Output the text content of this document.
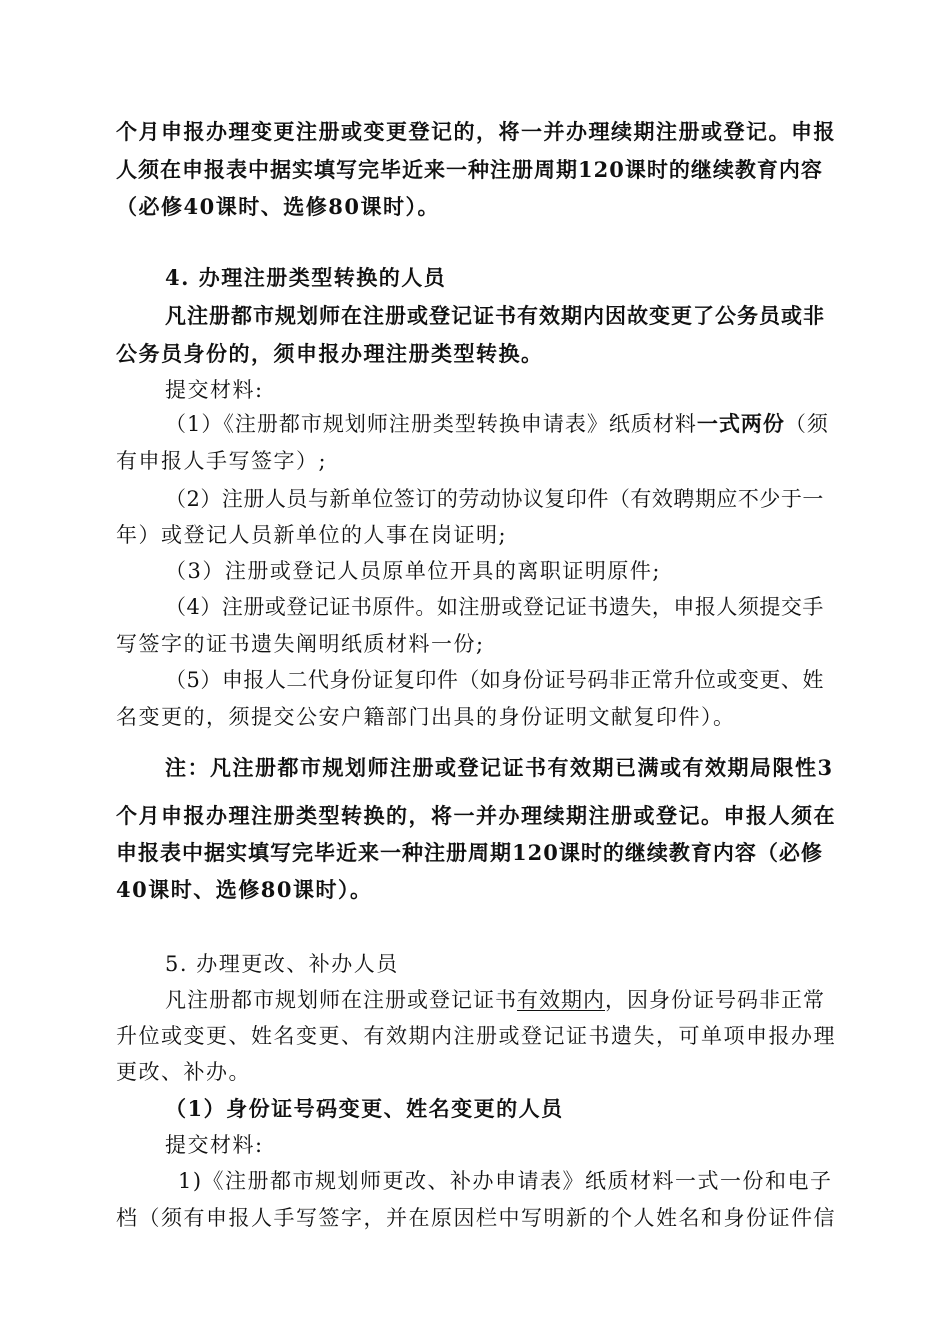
个月申报办理变更注册或变更登记的，将一并办理续期注册或登记。申报
人须在申报表中据实填写完毕近来一种注册周期120课时的继续教育内容
（必修40课时、选修80课时）。
4. 办理注册类型转换的人员
凡注册都市规划师在注册或登记证书有效期内因故变更了公务员或非
公务员身份的，须申报办理注册类型转换。
提交材料:
（1）《注册都市规划师注册类型转换申请表》纸质材料一式两份（须
有申报人手写签字）;
（2）注册人员与新单位签订的劳动协议复印件（有效聘期应不少于一
年）或登记人员新单位的人事在岗证明;
（3）注册或登记人员原单位开具的离职证明原件;
（4）注册或登记证书原件。如注册或登记证书遗失，申报人须提交手
写签字的证书遗失阐明纸质材料一份;
（5）申报人二代身份证复印件（如身份证号码非正常升位或变更、姓
名变更的，须提交公安户籍部门出具的身份证明文献复印件）。
注：凡注册都市规划师注册或登记证书有效期已满或有效期局限性3
个月申报办理注册类型转换的，将一并办理续期注册或登记。申报人须在
申报表中据实填写完毕近来一种注册周期120课时的继续教育内容（必修
40课时、选修80课时）。
5. 办理更改、补办人员
凡注册都市规划师在注册或登记证书有效期内，因身份证号码非正常
升位或变更、姓名变更、有效期内注册或登记证书遗失，可单项申报办理
更改、补办。
（1）身份证号码变更、姓名变更的人员
提交材料:
1)《注册都市规划师更改、补办申请表》纸质材料一式一份和电子
档（须有申报人手写签字，并在原因栏中写明新的个人姓名和身份证件信
